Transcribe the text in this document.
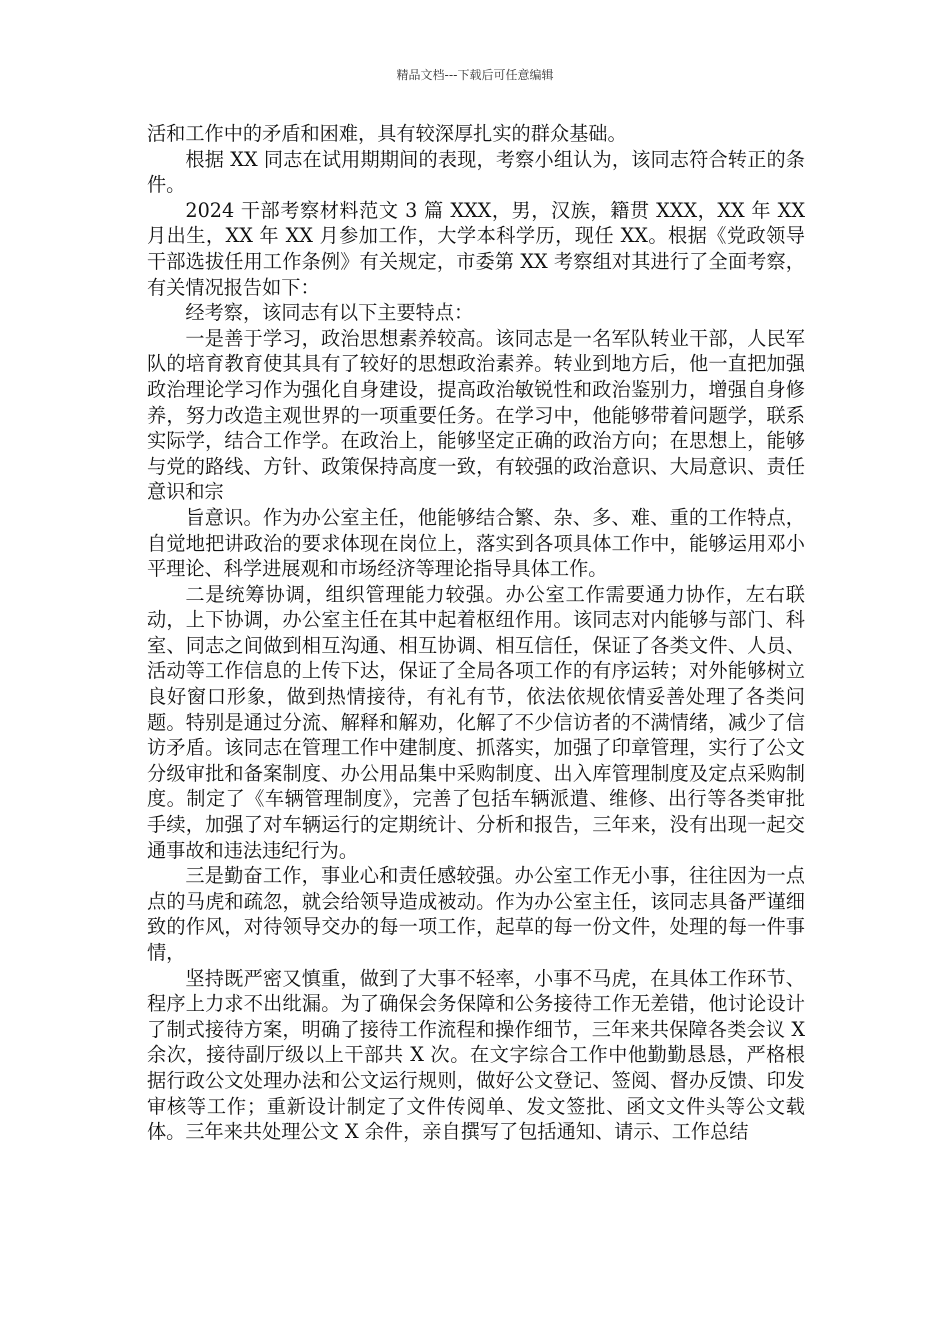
精品文档---下载后可任意编辑

活和工作中的矛盾和困难，具有较深厚扎实的群众基础。

根据 XX 同志在试用期期间的表现，考察小组认为，该同志符合转正的条件。

2024 干部考察材料范文 3 篇 XXX，男，汉族，籍贯 XXX，XX 年 XX 月出生，XX 年 XX 月参加工作，大学本科学历，现任 XX。根据《党政领导干部选拔任用工作条例》有关规定，市委第 XX 考察组对其进行了全面考察，有关情况报告如下：

经考察，该同志有以下主要特点：

一是善于学习，政治思想素养较高。该同志是一名军队转业干部，人民军队的培育教育使其具有了较好的思想政治素养。转业到地方后，他一直把加强政治理论学习作为强化自身建设，提高政治敏锐性和政治鉴别力，增强自身修养，努力改造主观世界的一项重要任务。在学习中，他能够带着问题学，联系实际学，结合工作学。在政治上，能够坚定正确的政治方向；在思想上，能够与党的路线、方针、政策保持高度一致，有较强的政治意识、大局意识、责任意识和宗

旨意识。作为办公室主任，他能够结合繁、杂、多、难、重的工作特点，自觉地把讲政治的要求体现在岗位上，落实到各项具体工作中，能够运用邓小平理论、科学进展观和市场经济等理论指导具体工作。

二是统筹协调，组织管理能力较强。办公室工作需要通力协作，左右联动，上下协调，办公室主任在其中起着枢纽作用。该同志对内能够与部门、科室、同志之间做到相互沟通、相互协调、相互信任，保证了各类文件、人员、活动等工作信息的上传下达，保证了全局各项工作的有序运转；对外能够树立良好窗口形象，做到热情接待，有礼有节，依法依规依情妥善处理了各类问题。特别是通过分流、解释和解劝，化解了不少信访者的不满情绪，减少了信访矛盾。该同志在管理工作中建制度、抓落实，加强了印章管理，实行了公文分级审批和备案制度、办公用品集中采购制度、出入库管理制度及定点采购制度。制定了《车辆管理制度》，完善了包括车辆派遣、维修、出行等各类审批手续，加强了对车辆运行的定期统计、分析和报告，三年来，没有出现一起交通事故和违法违纪行为。

三是勤奋工作，事业心和责任感较强。办公室工作无小事，往往因为一点点的马虎和疏忽，就会给领导造成被动。作为办公室主任，该同志具备严谨细致的作风，对待领导交办的每一项工作，起草的每一份文件，处理的每一件事情，

坚持既严密又慎重，做到了大事不轻率，小事不马虎，在具体工作环节、程序上力求不出纰漏。为了确保会务保障和公务接待工作无差错，他讨论设计了制式接待方案，明确了接待工作流程和操作细节，三年来共保障各类会议 X 余次，接待副厅级以上干部共 X 次。在文字综合工作中他勤勤恳恳，严格根据行政公文处理办法和公文运行规则，做好公文登记、签阅、督办反馈、印发审核等工作；重新设计制定了文件传阅单、发文签批、函文文件头等公文载体。三年来共处理公文 X 余件，亲自撰写了包括通知、请示、工作总结
